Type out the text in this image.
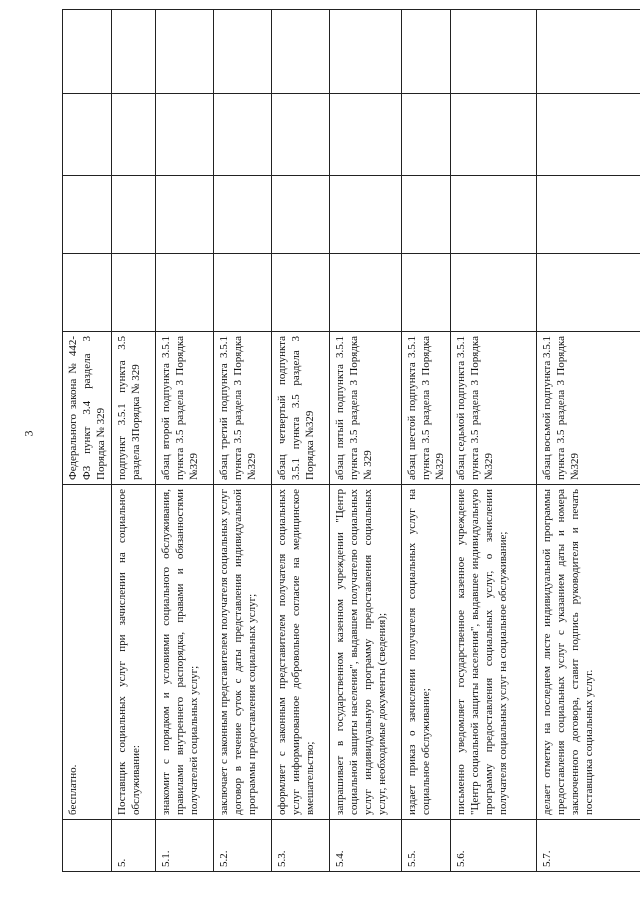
3
	бесплатно.	Федерального закона № 442-ФЗ пункт 3.4 раздела 3 Порядка № 329				
5.	Поставщик социальных услуг при зачислении на социальное обслуживание:	подпункт 3.5.1 пункта 3.5 раздела 3Порядка № 329				
5.1.	знакомит с порядком и условиями социального обслуживания, правилами внутреннего распорядка, правами и обязанностями получателей социальных услуг;	абзац второй подпункта 3.5.1 пункта 3.5 раздела 3 Порядка №329				
5.2.	заключает с законным представителем получателя социальных услуг договор в течение суток с даты представления индивидуальной программы предоставления социальных услуг;	абзац третий подпункта 3.5.1 пункта 3.5 раздела 3 Порядка №329				
5.3.	оформляет с законным представителем получателя социальных услуг информированное добровольное согласие на медицинское вмешательство;	абзац четвертый подпункта 3.5.1 пункта 3.5 раздела 3 Порядка №329				
5.4.	запрашивает в государственном казенном учреждении "Центр социальной защиты населения", выдавшем получателю социальных услуг индивидуальную программу предоставления социальных услуг, необходимые документы (сведения);	абзац пятый подпункта 3.5.1 пункта 3.5 раздела 3 Порядка № 329				
5.5.	издает приказ о зачислении получателя социальных услуг на социальное обслуживание;	абзац шестой подпункта 3.5.1 пункта 3.5 раздела 3 Порядка №329				
5.6.	письменно уведомляет государственное казенное учреждение "Центр социальной защиты населения", выдавшее индивидуальную программу предоставления социальных услуг, о зачислении получателя социальных услуг на социальное обслуживание;	абзац седьмой подпункта 3.5.1 пункта 3.5 раздела 3 Порядка №329				
5.7.	делает отметку на последнем листе индивидуальной программы предоставления социальных услуг с указанием даты и номера заключенного договора, ставит подпись руководителя и печать поставщика социальных услуг.	абзац восьмой подпункта 3.5.1 пункта 3.5 раздела 3 Порядка №329				
